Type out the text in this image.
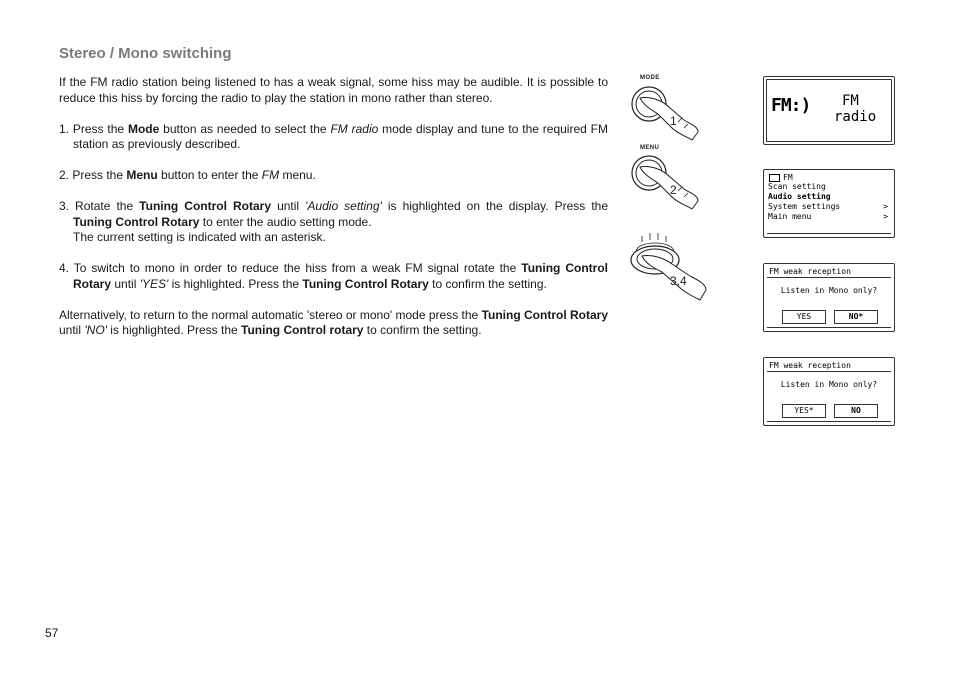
Stereo / Mono switching

If the FM radio station being listened to has a weak signal, some hiss may be audible. It is possible to reduce this hiss by forcing the radio to play the station in mono rather than stereo.

1. Press the Mode button as needed to select the FM radio mode display and tune to the required FM station as previously described.

2. Press the Menu button to enter the FM menu.

3. Rotate the Tuning Control Rotary until 'Audio setting' is highlighted on the display. Press the Tuning Control Rotary to enter the audio setting mode.
The current setting is indicated with an asterisk.

4. To switch to mono in order to reduce the hiss from a weak FM signal rotate the Tuning Control Rotary until 'YES' is highlighted. Press the Tuning Control Rotary to confirm the setting.

Alternatively, to return to the normal automatic 'stereo or mono' mode press the Tuning Control Rotary until 'NO' is highlighted. Press the Tuning Control rotary to confirm the setting.

57
MODE
1
MENU
2
3,4
FM:) FM
radio
FM
Scan setting
Audio setting
System settings	>
Main menu	>
FM weak reception
Listen in Mono only?
YES	NO*
FM weak reception
Listen in Mono only?
YES*	NO
